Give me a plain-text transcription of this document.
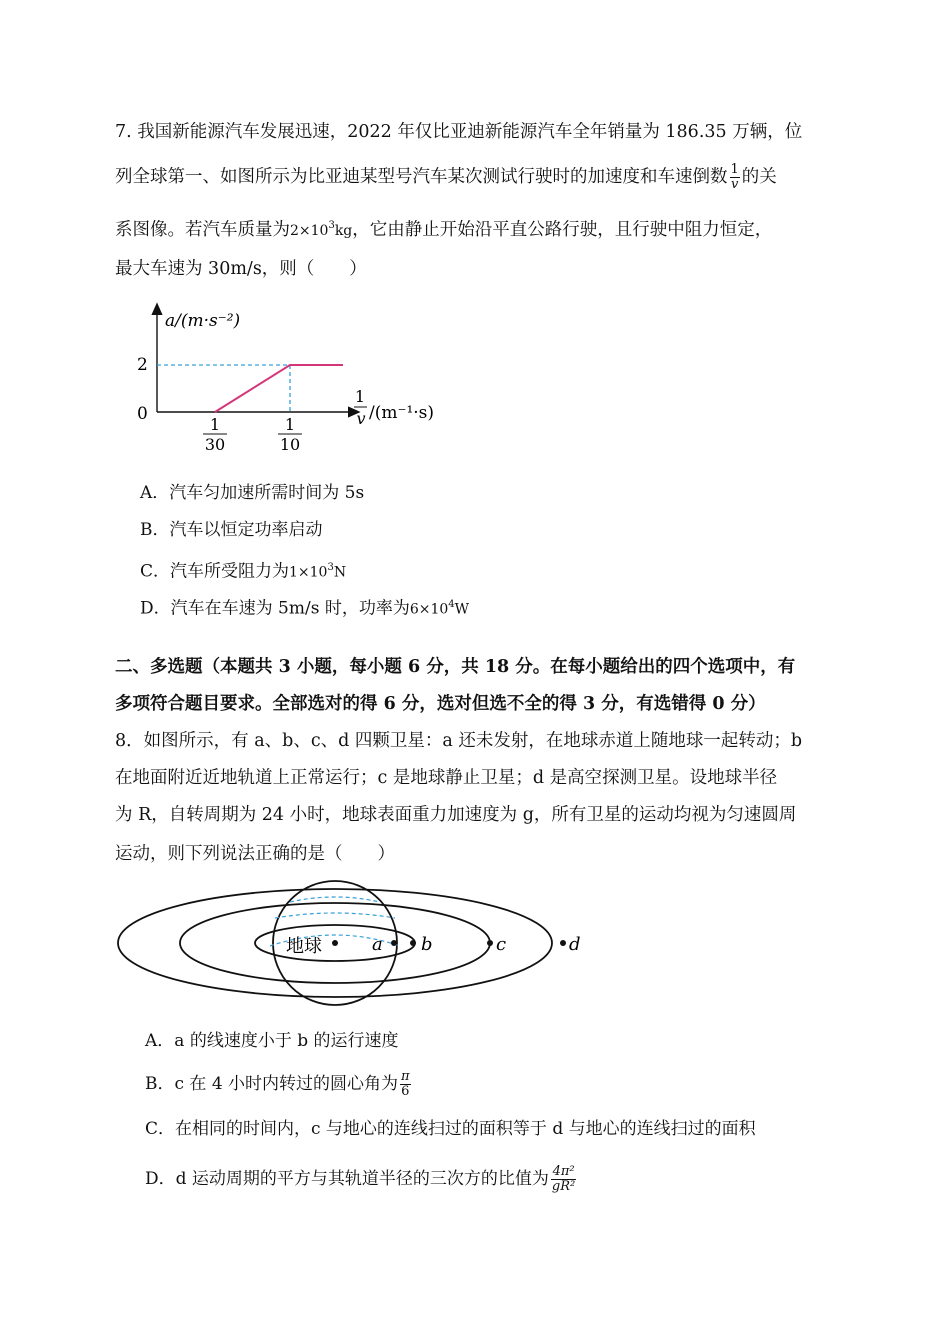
7. 我国新能源汽车发展迅速，2022 年仅比亚迪新能源汽车全年销量为 186.35 万辆，位
列全球第一、如图所示为比亚迪某型号汽车某次测试行驶时的加速度和车速倒数 $\frac{1}{v}$ 的关
系图像。若汽车质量为$2\times 10^3kg$，它由静止开始沿平直公路行驶，且行驶中阻力恒定，
最大车速为 30m/s，则（　　）
a/(m·s⁻²)
2
0
1
v /(m⁻¹·s)
1
30
1
10
A．汽车匀加速所需时间为 5s
B．汽车以恒定功率启动
C．汽车所受阻力为$1\times 10^3N$
D．汽车在车速为 5m/s 时，功率为$6\times 10^4W$
二、多选题（本题共 3 小题，每小题 6 分，共 18 分。在每小题给出的四个选项中，有
多项符合题目要求。全部选对的得 6 分，选对但选不全的得 3 分，有选错得 0 分）
8．如图所示，有 a、b、c、d 四颗卫星：a 还未发射，在地球赤道上随地球一起转动；b
在地面附近近地轨道上正常运行；c 是地球静止卫星；d 是高空探测卫星。设地球半径
为 R，自转周期为 24 小时，地球表面重力加速度为 g，所有卫星的运动均视为匀速圆周
运动，则下列说法正确的是（　　）
地球	a b	c	d
A．a 的线速度小于 b 的运行速度
B．c 在 4 小时内转过的圆心角为 $\frac{\pi}{6}$
C．在相同的时间内，c 与地心的连线扫过的面积等于 d 与地心的连线扫过的面积
D．d 运动周期的平方与其轨道半径的三次方的比值为 $\frac{\text{4π²}}{\text{gR²}}$
